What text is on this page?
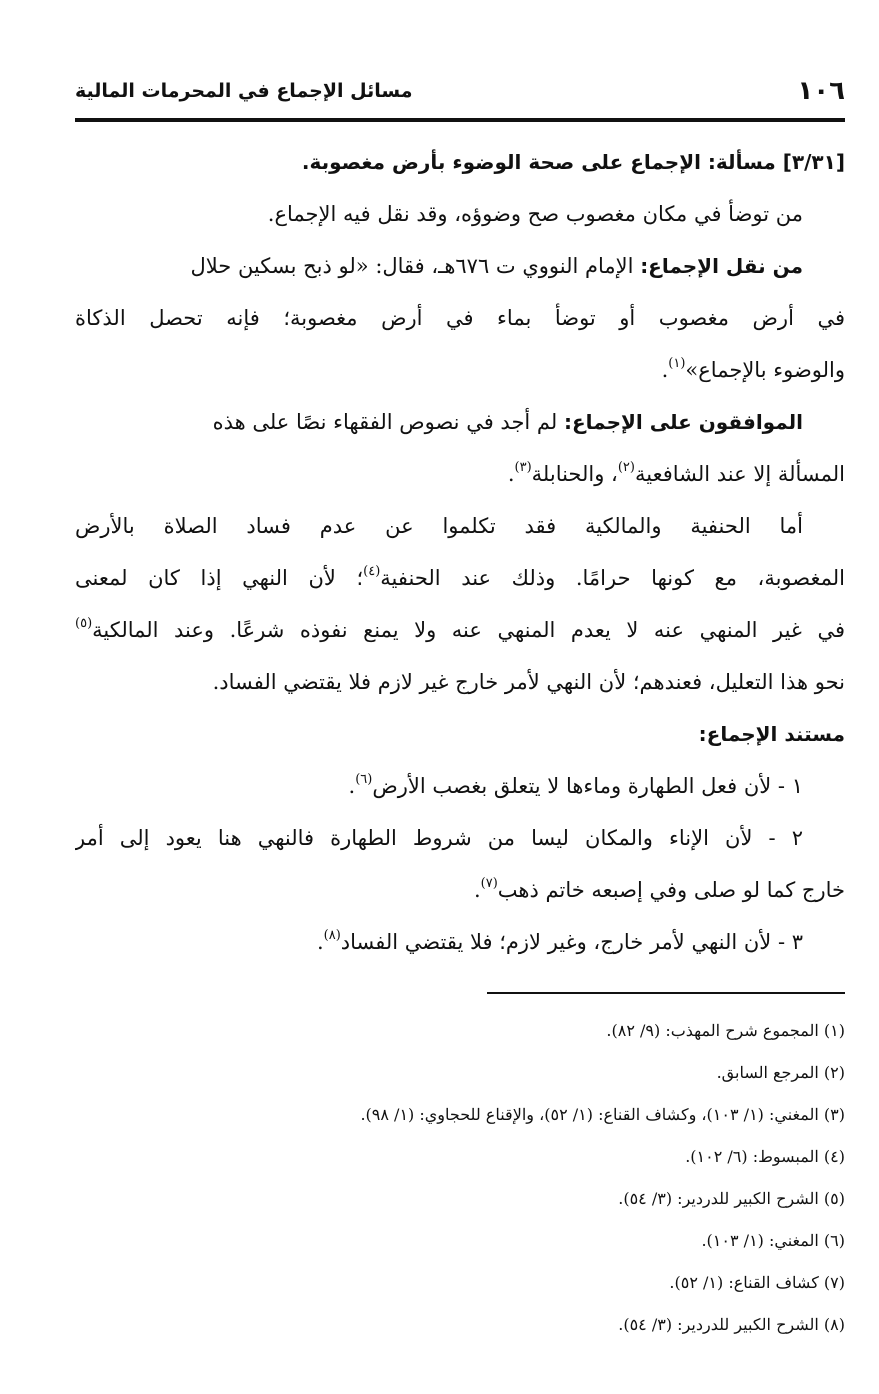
١٠٦
مسائل الإجماع في المحرمات المالية
[٣/٣١] مسألة: الإجماع على صحة الوضوء بأرض مغصوبة.
من توضأ في مكان مغصوب صح وضوؤه، وقد نقل فيه الإجماع.
من نقل الإجماع: الإمام النووي ت ٦٧٦هـ، فقال: «لو ذبح بسكين حلال
في أرض مغصوب أو توضأ بماء في أرض مغصوبة؛ فإنه تحصل الذكاة
والوضوء بالإجماع»$^{(١)}$.
الموافقون على الإجماع: لم أجد في نصوص الفقهاء نصًا على هذه
المسألة إلا عند الشافعية$^{(٢)}$، والحنابلة$^{(٣)}$.
أما الحنفية والمالكية فقد تكلموا عن عدم فساد الصلاة بالأرض
المغصوبة، مع كونها حرامًا. وذلك عند الحنفية$^{(٤)}$؛ لأن النهي إذا كان لمعنى
في غير المنهي عنه لا يعدم المنهي عنه ولا يمنع نفوذه شرعًا. وعند المالكية$^{(٥)}$
نحو هذا التعليل، فعندهم؛ لأن النهي لأمر خارج غير لازم فلا يقتضي الفساد.
مستند الإجماع:
١ - لأن فعل الطهارة وماءها لا يتعلق بغصب الأرض$^{(٦)}$.
٢ - لأن الإناء والمكان ليسا من شروط الطهارة فالنهي هنا يعود إلى أمر
خارج كما لو صلى وفي إصبعه خاتم ذهب$^{(٧)}$.
٣ - لأن النهي لأمر خارج، وغير لازم؛ فلا يقتضي الفساد$^{(٨)}$.
(١) المجموع شرح المهذب: (٩/ ٨٢).
(٢) المرجع السابق.
(٣) المغني: (١/ ١٠٣)، وكشاف القناع: (١/ ٥٢)، والإقناع للحجاوي: (١/ ٩٨).
(٤) المبسوط: (٦/ ١٠٢).
(٥) الشرح الكبير للدردير: (٣/ ٥٤).
(٦) المغني: (١/ ١٠٣).
(٧) كشاف القناع: (١/ ٥٢).
(٨) الشرح الكبير للدردير: (٣/ ٥٤).
